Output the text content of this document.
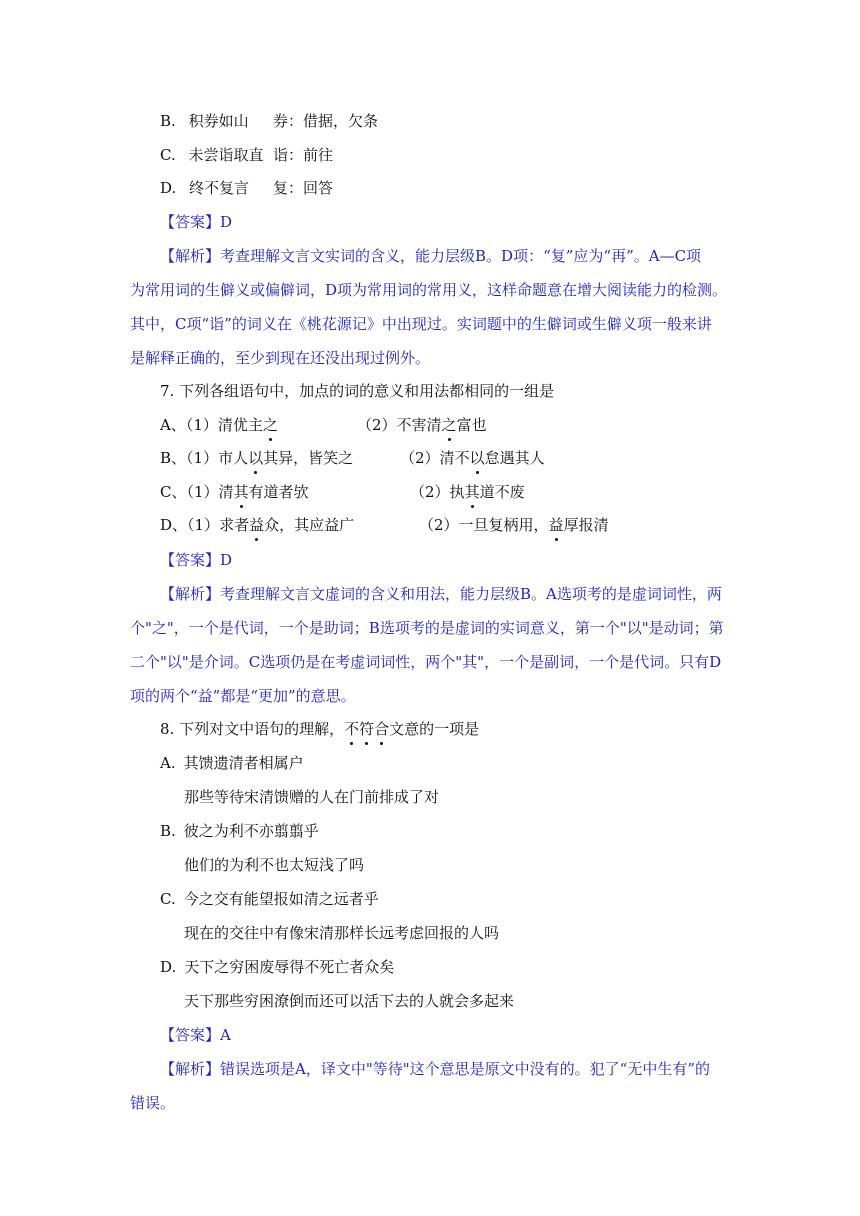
B. 积券如山 券：借据，欠条
C. 未尝诣取直 诣：前往
D. 终不复言 复：回答
【答案】D
【解析】考查理解文言文实词的含义，能力层级B。D项：“复”应为“再”。A—C项
为常用词的生僻义或偏僻词，D项为常用词的常用义，这样命题意在增大阅读能力的检测。
其中，C项“诣”的词义在《桃花源记》中出现过。实词题中的生僻词或生僻义项一般来讲
是解释正确的，至少到现在还没出现过例外。
7. 下列各组语句中，加点的词的意义和用法都相同的一组是
A、（1）清优主之	（2）不害清之富也
B、（1）市人以其异，皆笑之	（2）清不以怠遇其人
C、（1）清其有道者欤	（2）执其道不废
D、（1）求者益众，其应益广	（2）一旦复柄用，益厚报清
【答案】D
【解析】考查理解文言文虚词的含义和用法，能力层级B。A选项考的是虚词词性，两
个"之"，一个是代词，一个是助词；B选项考的是虚词的实词意义，第一个"以"是动词；第
二个"以"是介词。C选项仍是在考虚词词性，两个"其"，一个是副词，一个是代词。只有D
项的两个“益”都是“更加”的意思。
8. 下列对文中语句的理解，不符合文意的一项是
A. 其馈遗清者相属户
那些等待宋清馈赠的人在门前排成了对
B. 彼之为利不亦翦翦乎
他们的为利不也太短浅了吗
C. 今之交有能望报如清之远者乎
现在的交往中有像宋清那样长远考虑回报的人吗
D. 天下之穷困废辱得不死亡者众矣
天下那些穷困潦倒而还可以活下去的人就会多起来
【答案】A
【解析】错误选项是A，译文中"等待"这个意思是原文中没有的。犯了“无中生有”的
错误。
